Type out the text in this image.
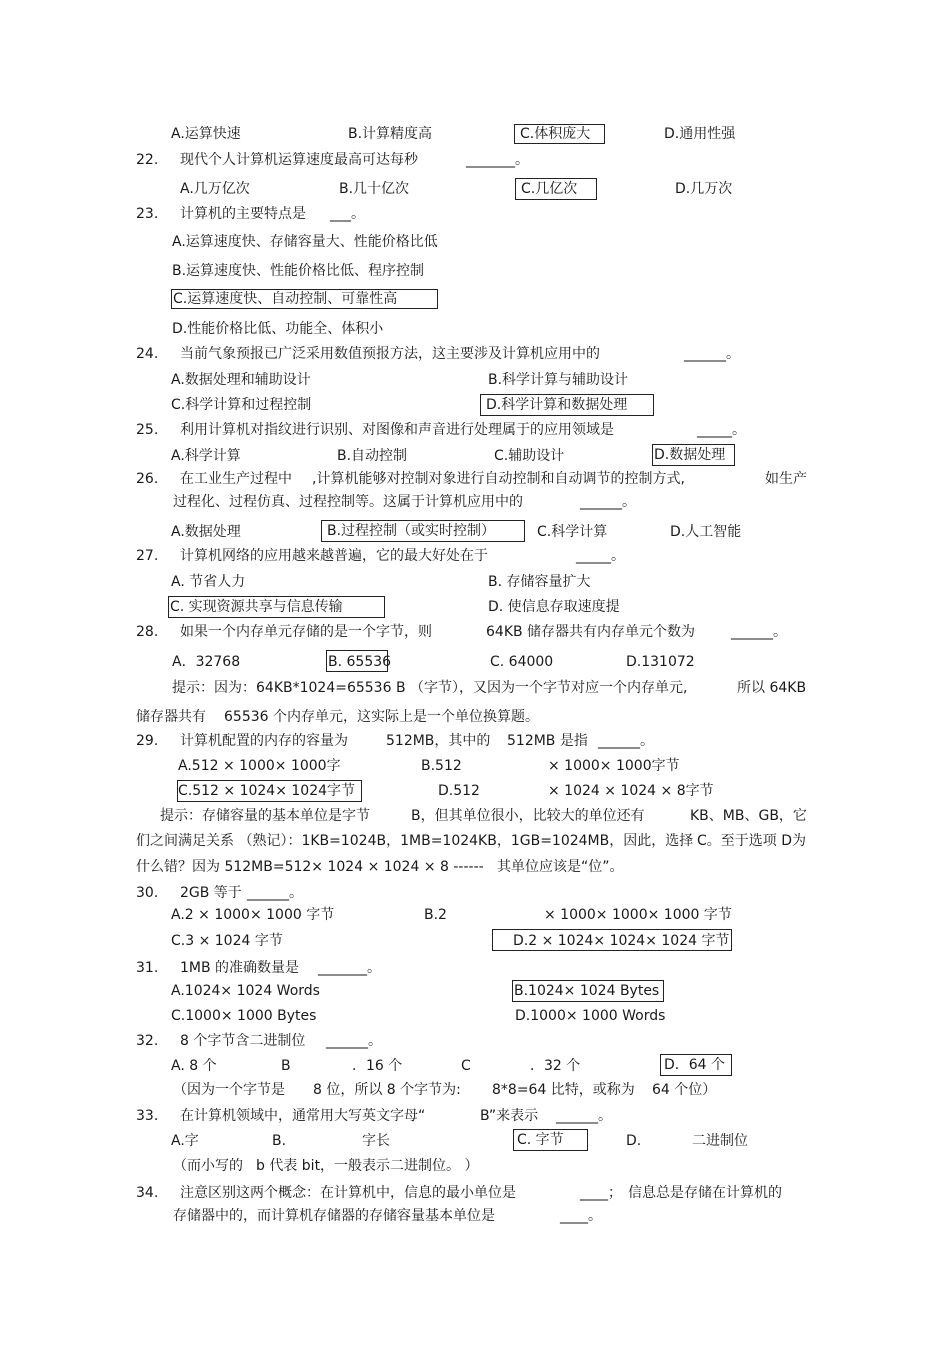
A.运算快速	B.计算精度高	C.体积庞大	D.通用性强
22. 现代个人计算机运算速度最高可达每秒	_______。
A.几万亿次	B.几十亿次	C.几亿次	D.几万次
23. 计算机的主要特点是 ___。
A.运算速度快、存储容量大、性能价格比低
B.运算速度快、性能价格比低、程序控制
C.运算速度快、自动控制、可靠性高
D.性能价格比低、功能全、体积小
24. 当前气象预报已广泛采用数值预报方法，这主要涉及计算机应用中的	______。
A.数据处理和辅助设计	B.科学计算与辅助设计
C.科学计算和过程控制	D.科学计算和数据处理
25. 利用计算机对指纹进行识别、对图像和声音进行处理属于的应用领域是	_____。
A.科学计算	B.自动控制	C.辅助设计	D.数据处理
26. 在工业生产过程中 ,计算机能够对控制对象进行自动控制和自动调节的控制方式,	如生产
过程化、过程仿真、过程控制等。这属于计算机应用中的	______。
A.数据处理	B.过程控制（或实时控制）	C.科学计算	D.人工智能
27. 计算机网络的应用越来越普遍，它的最大好处在于	_____。
A. 节省人力	B. 存储容量扩大
C. 实现资源共享与信息传输	D. 使信息存取速度提
28. 如果一个内存单元存储的是一个字节，则	64KB 储存器共有内存单元个数为	______。
A．32768	B. 65536	C. 64000	D.131072
提示：因为：64KB*1024=65536 B （字节），又因为一个字节对应一个内存单元,	所以 64KB
储存器共有 65536 个内存单元，这实际上是一个单位换算题。
29. 计算机配置的内存的容量为	512MB，其中的 512MB 是指 ______。
A.512 × 1000× 1000字	B.512	× 1000× 1000字节
C.512 × 1024× 1024字节	D.512	× 1024 × 1024 × 8字节
提示：存储容量的基本单位是字节	B，但其单位很小，比较大的单位还有	KB、MB、GB，它
们之间满足关系 （熟记）：1KB=1024B，1MB=1024KB，1GB=1024MB，因此，选择 C。至于选项 D为
什么错？因为 512MB=512× 1024 × 1024 × 8 ------ 其单位应该是“位”。
30. 2GB 等于 ______。
A.2 × 1000× 1000 字节	B.2	× 1000× 1000× 1000 字节
C.3 × 1024 字节	D.2 × 1024× 1024× 1024 字节
31. 1MB 的准确数量是 _______。
A.1024× 1024 Words	B.1024× 1024 Bytes
C.1000× 1000 Bytes	D.1000× 1000 Words
32. 8 个字节含二进制位 ______。
A. 8 个	B	．16 个	C	．32 个	D．64 个
（因为一个字节是 8 位，所以 8 个字节为: 8*8=64 比特，或称为 64 个位）
33. 在计算机领域中，通常用大写英文字母“	B”来表示 ______。
A.字	B.	字长	C. 字节	D.	二进制位
（而小写的 b 代表 bit，一般表示二进制位。 ）
34. 注意区别这两个概念：在计算机中，信息的最小单位是	____； 信息总是存储在计算机的
存储器中的，而计算机存储器的存储容量基本单位是	____。
